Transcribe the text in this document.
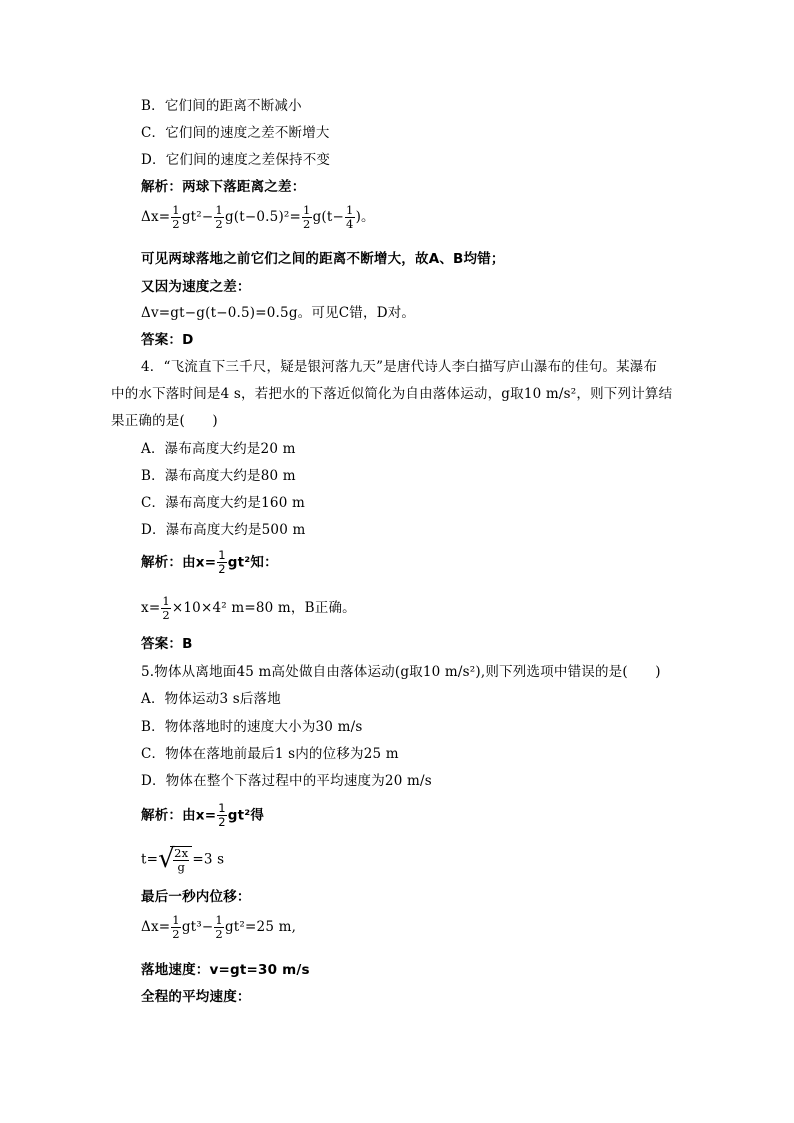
B．它们间的距离不断减小
C．它们间的速度之差不断增大
D．它们间的速度之差保持不变
解析：两球下落距离之差：
$\Delta x= \frac{1}{2} gt^2- \frac{1}{2} g(t-0.5)^2= \frac{1}{2} g(t- \frac{1}{4}$ )。
可见两球落地之前它们之间的距离不断增大，故A、B均错；
又因为速度之差：
Δv=gt−g(t−0.5)=0.5g。可见C错，D对。
答案：D
4．“飞流直下三千尺，疑是银河落九天”是唐代诗人李白描写庐山瀑布的佳句。某瀑布
中的水下落时间是4 s，若把水的下落近似简化为自由落体运动，g取10 m/s²，则下列计算结
果正确的是(　　)
A．瀑布高度大约是20 m
B．瀑布高度大约是80 m
C．瀑布高度大约是160 m
D．瀑布高度大约是500 m
解析：由$x= \frac{1}{2} gt^2$知：
$x= \frac{1}{2} \times 10\times 4^2$ m=80 m，B正确。
答案：B
5.物体从离地面45 m高处做自由落体运动(g取10 m/s²),则下列选项中错误的是(　　)
A．物体运动3 s后落地
B．物体落地时的速度大小为30 m/s
C．物体在落地前最后1 s内的位移为25 m
D．物体在整个下落过程中的平均速度为20 m/s
解析：由$x= \frac{1}{2} gt^2$得
t= √
$\frac{2x}{g} =3$ s
最后一秒内位移：
$\Delta x= \frac{1}{2} gt^3- \frac{1}{2} gt^2=25$ m,
落地速度：v=gt=30 m/s
全程的平均速度：
